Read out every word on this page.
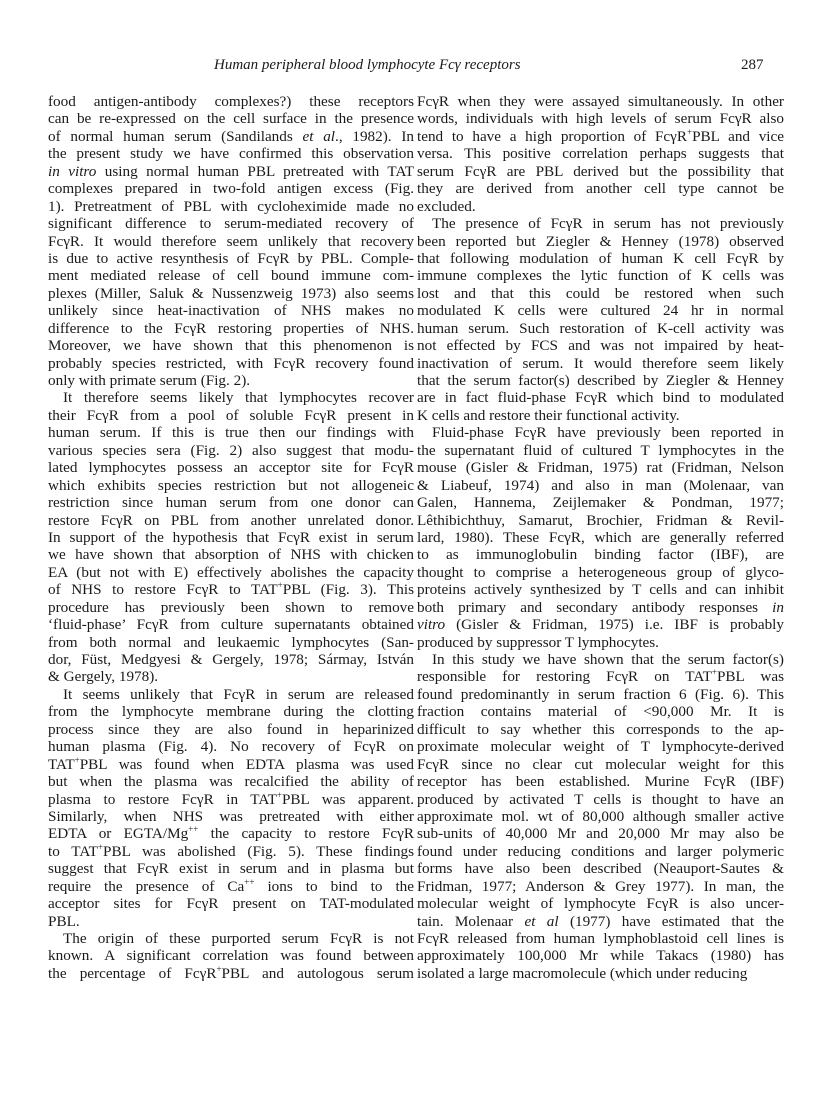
Human peripheral blood lymphocyte Fcγ receptors	287
food antigen-antibody complexes?) these receptors
can be re-expressed on the cell surface in the presence
of normal human serum (Sandilands et al., 1982). In
the present study we have confirmed this observation
in vitro using normal human PBL pretreated with TAT
complexes prepared in two-fold antigen excess (Fig.
1). Pretreatment of PBL with cycloheximide made no
significant difference to serum-mediated recovery of
FcγR. It would therefore seem unlikely that recovery
is due to active resynthesis of FcγR by PBL. Comple-
ment mediated release of cell bound immune com-
plexes (Miller, Saluk & Nussenzweig 1973) also seems
unlikely since heat-inactivation of NHS makes no
difference to the FcγR restoring properties of NHS.
Moreover, we have shown that this phenomenon is
probably species restricted, with FcγR recovery found
only with primate serum (Fig. 2).
It therefore seems likely that lymphocytes recover
their FcγR from a pool of soluble FcγR present in
human serum. If this is true then our findings with
various species sera (Fig. 2) also suggest that modu-
lated lymphocytes possess an acceptor site for FcγR
which exhibits species restriction but not allogeneic
restriction since human serum from one donor can
restore FcγR on PBL from another unrelated donor.
In support of the hypothesis that FcγR exist in serum
we have shown that absorption of NHS with chicken
EA (but not with E) effectively abolishes the capacity
of NHS to restore FcγR to TAT+PBL (Fig. 3). This
procedure has previously been shown to remove
‘fluid-phase’ FcγR from culture supernatants obtained
from both normal and leukaemic lymphocytes (San-
dor, Füst, Medgyesi & Gergely, 1978; Sármay, István
& Gergely, 1978).
It seems unlikely that FcγR in serum are released
from the lymphocyte membrane during the clotting
process since they are also found in heparinized
human plasma (Fig. 4). No recovery of FcγR on
TAT+PBL was found when EDTA plasma was used
but when the plasma was recalcified the ability of
plasma to restore FcγR in TAT+PBL was apparent.
Similarly, when NHS was pretreated with either
EDTA or EGTA/Mg++ the capacity to restore FcγR
to TAT+PBL was abolished (Fig. 5). These findings
suggest that FcγR exist in serum and in plasma but
require the presence of Ca++ ions to bind to the
acceptor sites for FcγR present on TAT-modulated
PBL.
The origin of these purported serum FcγR is not
known. A significant correlation was found between
the percentage of FcγR+PBL and autologous serum
FcγR when they were assayed simultaneously. In other
words, individuals with high levels of serum FcγR also
tend to have a high proportion of FcγR+PBL and vice
versa. This positive correlation perhaps suggests that
serum FcγR are PBL derived but the possibility that
they are derived from another cell type cannot be
excluded.
The presence of FcγR in serum has not previously
been reported but Ziegler & Henney (1978) observed
that following modulation of human K cell FcγR by
immune complexes the lytic function of K cells was
lost and that this could be restored when such
modulated K cells were cultured 24 hr in normal
human serum. Such restoration of K-cell activity was
not effected by FCS and was not impaired by heat-
inactivation of serum. It would therefore seem likely
that the serum factor(s) described by Ziegler & Henney
are in fact fluid-phase FcγR which bind to modulated
K cells and restore their functional activity.
Fluid-phase FcγR have previously been reported in
the supernatant fluid of cultured T lymphocytes in the
mouse (Gisler & Fridman, 1975) rat (Fridman, Nelson
& Liabeuf, 1974) and also in man (Molenaar, van
Galen, Hannema, Zeijlemaker & Pondman, 1977;
Lêthibichthuy, Samarut, Brochier, Fridman & Revil-
lard, 1980). These FcγR, which are generally referred
to as immunoglobulin binding factor (IBF), are
thought to comprise a heterogeneous group of glyco-
proteins actively synthesized by T cells and can inhibit
both primary and secondary antibody responses in
vitro (Gisler & Fridman, 1975) i.e. IBF is probably
produced by suppressor T lymphocytes.
In this study we have shown that the serum factor(s)
responsible for restoring FcγR on TAT+PBL was
found predominantly in serum fraction 6 (Fig. 6). This
fraction contains material of <90,000 Mr. It is
difficult to say whether this corresponds to the ap-
proximate molecular weight of T lymphocyte-derived
FcγR since no clear cut molecular weight for this
receptor has been established. Murine FcγR (IBF)
produced by activated T cells is thought to have an
approximate mol. wt of 80,000 although smaller active
sub-units of 40,000 Mr and 20,000 Mr may also be
found under reducing conditions and larger polymeric
forms have also been described (Neauport-Sautes &
Fridman, 1977; Anderson & Grey 1977). In man, the
molecular weight of lymphocyte FcγR is also uncer-
tain. Molenaar et al (1977) have estimated that the
FcγR released from human lymphoblastoid cell lines is
approximately 100,000 Mr while Takacs (1980) has
isolated a large macromolecule (which under reducing
